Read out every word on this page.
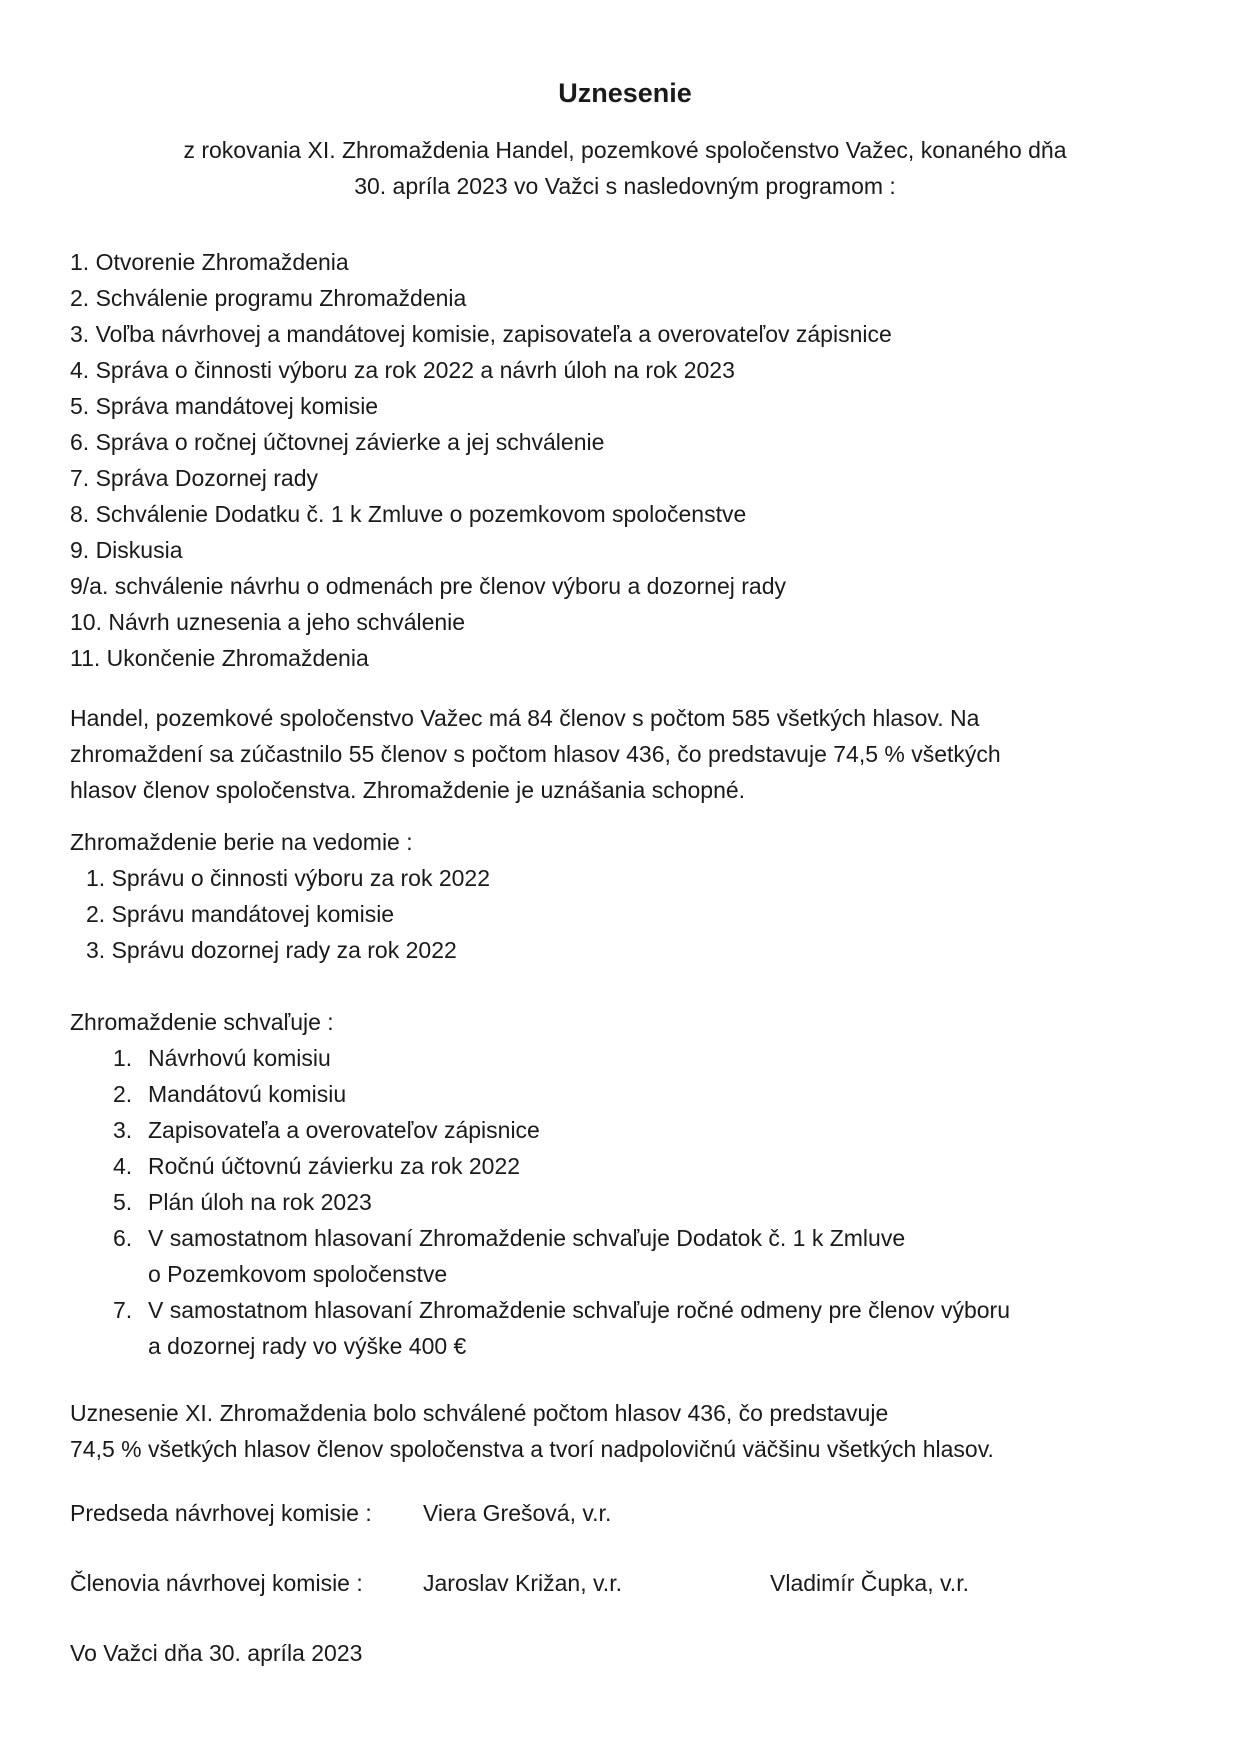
Uznesenie
z rokovania XI. Zhromaždenia Handel, pozemkové spoločenstvo Važec, konaného dňa
30. apríla 2023 vo Važci s nasledovným programom :
1. Otvorenie Zhromaždenia
2. Schválenie programu Zhromaždenia
3. Voľba návrhovej a mandátovej komisie, zapisovateľa a overovateľov zápisnice
4. Správa o činnosti výboru za rok 2022 a návrh úloh na rok 2023
5. Správa mandátovej komisie
6. Správa o ročnej účtovnej závierke a jej schválenie
7. Správa Dozornej rady
8. Schválenie Dodatku č. 1 k Zmluve o pozemkovom spoločenstve
9. Diskusia
9/a. schválenie návrhu o odmenách pre členov výboru a dozornej rady
10. Návrh uznesenia a jeho schválenie
11. Ukončenie Zhromaždenia
Handel, pozemkové spoločenstvo Važec má 84 členov s počtom 585 všetkých hlasov. Na
zhromaždení sa zúčastnilo 55 členov s počtom hlasov 436, čo predstavuje 74,5 % všetkých
hlasov členov spoločenstva. Zhromaždenie je uznášania schopné.
Zhromaždenie berie na vedomie :
1. Správu o činnosti výboru za rok 2022
2. Správu mandátovej komisie
3. Správu dozornej rady za rok 2022
Zhromaždenie schvaľuje :
1. Návrhovú komisiu
2. Mandátovú komisiu
3. Zapisovateľa a overovateľov zápisnice
4. Ročnú účtovnú závierku za rok 2022
5. Plán úloh na rok 2023
6. V samostatnom hlasovaní Zhromaždenie schvaľuje Dodatok č. 1 k Zmluve o Pozemkovom spoločenstve
7. V samostatnom hlasovaní Zhromaždenie schvaľuje ročné odmeny pre členov výboru a dozornej rady vo výške 400 €
Uznesenie XI. Zhromaždenia bolo schválené počtom hlasov 436, čo predstavuje
74,5 % všetkých hlasov členov spoločenstva a tvorí nadpolovičnú väčšinu všetkých hlasov.
Predseda návrhovej komisie :	Viera Grešová, v.r.
Členovia návrhovej komisie :	Jaroslav Križan, v.r.	Vladimír Čupka, v.r.
Vo Važci dňa 30. apríla 2023
